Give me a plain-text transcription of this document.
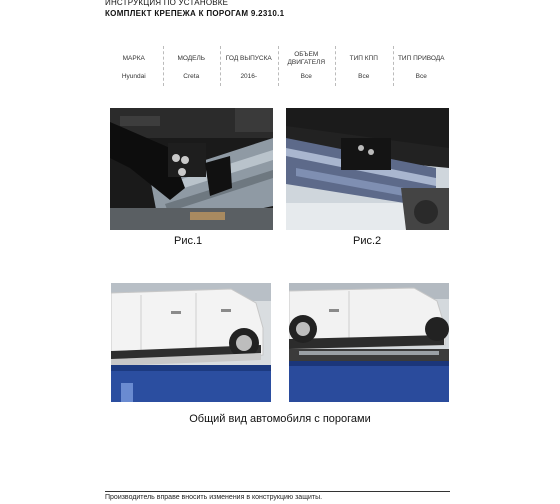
ИНСТРУКЦИЯ ПО УСТАНОВКЕ
КОМПЛЕКТ КРЕПЕЖА К ПОРОГАМ 9.2310.1
МАРКА
Hyundai
МОДЕЛЬ
Creta
ГОД ВЫПУСКА
2016-
ОБЪЕМ ДВИГАТЕЛЯ
Все
ТИП КПП
Все
ТИП ПРИВОДА
Все
Рис.1	Рис.2
Общий вид автомобиля с порогами
Производитель вправе вносить изменения в конструкцию защиты.
